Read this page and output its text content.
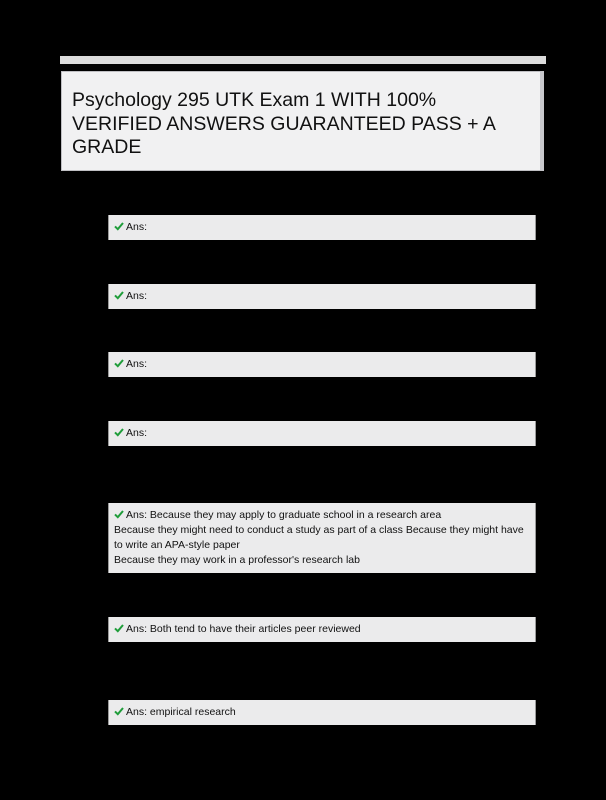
Psychology 295 UTK Exam 1 WITH 100% VERIFIED ANSWERS GUARANTEED PASS + A GRADE

Ans:

Ans:

Ans:

Ans:

Ans: Because they may apply to graduate school in a research area

Because they might need to conduct a study as part of a class Because they might have to write an APA-style paper

Because they may work in a professor's research lab

Ans: Both tend to have their articles peer reviewed

Ans: empirical research
